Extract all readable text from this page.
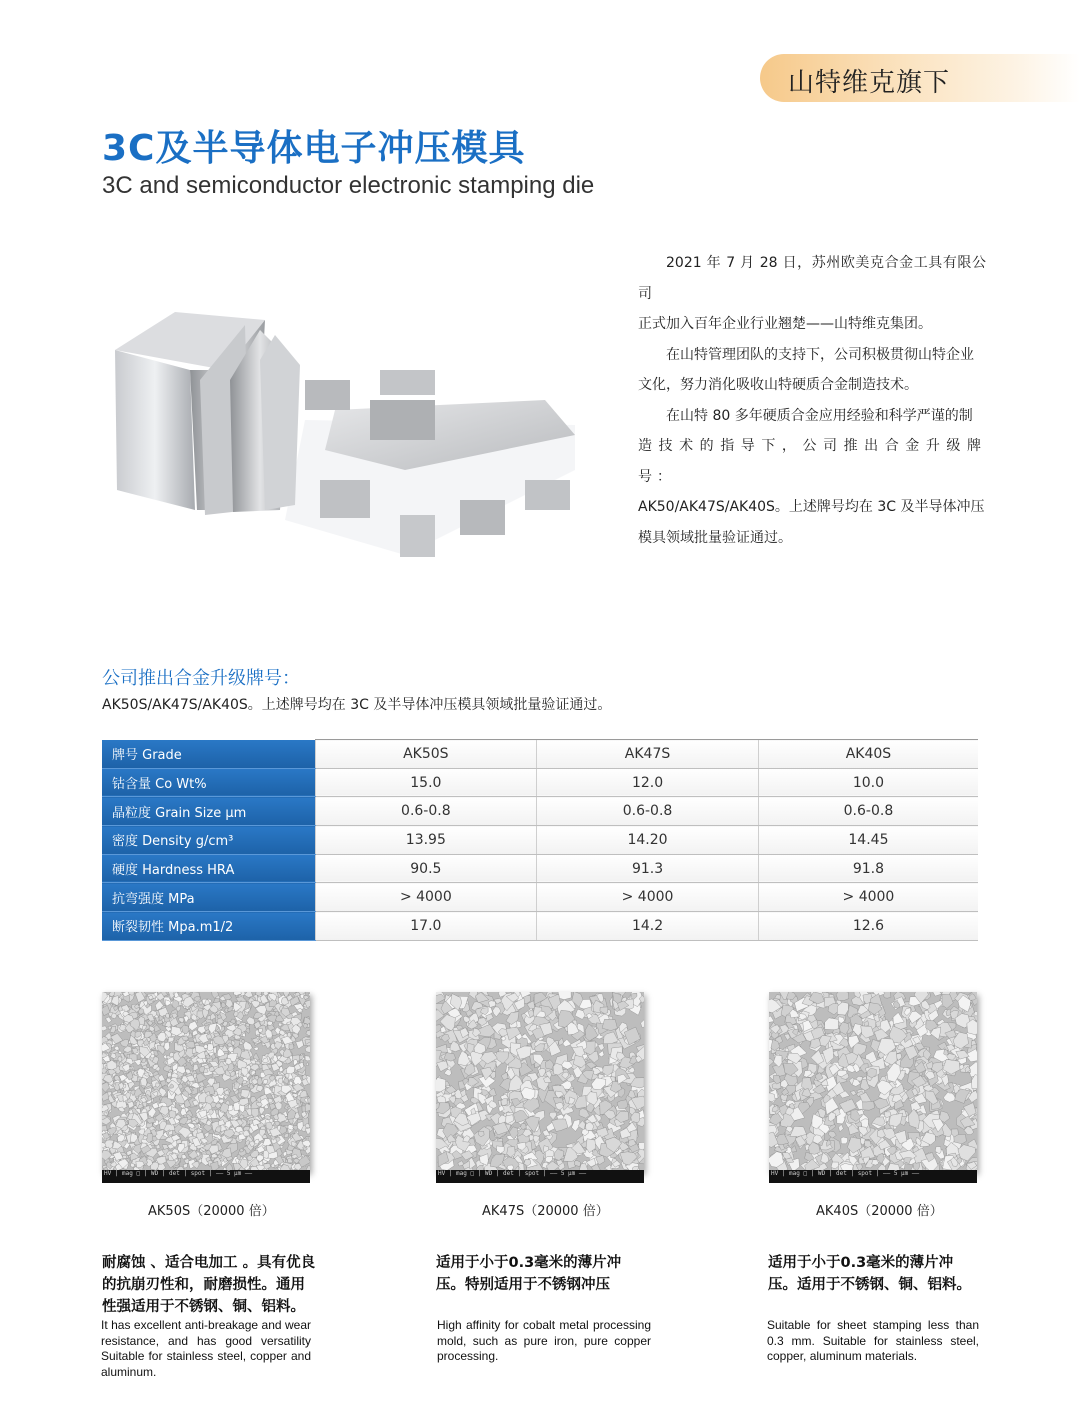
山特维克旗下
3C及半导体电子冲压模具
3C and semiconductor electronic stamping die

2021 年 7 月 28 日，苏州欧美克合金工具有限公司

正式加入百年企业行业翘楚——山特维克集团。

在山特管理团队的支持下，公司积极贯彻山特企业

文化，努力消化吸收山特硬质合金制造技术。

在山特 80 多年硬质合金应用经验和科学严谨的制

造技术的指导下，公司推出合金升级牌号：

AK50/AK47S/AK40S。上述牌号均在 3C 及半导体冲压

模具领域批量验证通过。

公司推出合金升级牌号：
AK50S/AK47S/AK40S。上述牌号均在 3C 及半导体冲压模具领域批量验证通过。
牌号 Grade	AK50S	AK47S	AK40S
钴含量 Co Wt%	15.0	12.0	10.0
晶粒度 Grain Size µm	0.6-0.8	0.6-0.8	0.6-0.8
密度 Density g/cm³	13.95	14.20	14.45
硬度 Hardness HRA	90.5	91.3	91.8
抗弯强度 MPa	> 4000	> 4000	> 4000
断裂韧性 Mpa.m1/2	17.0	14.2	12.6
HV | mag □ | WD | det | spot | —— 5 μm ——	HV | mag □ | WD | det | spot | —— 5 μm ——	HV | mag □ | WD | det | spot | —— 5 μm ——
AK50S（20000 倍）	AK47S（20000 倍）	AK40S（20000 倍）
耐腐蚀 、适合电加工 。具有优良的抗崩刃性和，耐磨损性。通用性强适用于不锈钢、铜、铝料。
适用于小于0.3毫米的薄片冲压。特别适用于不锈钢冲压
适用于小于0.3毫米的薄片冲压。适用于不锈钢、铜、铝料。
It has excellent anti-breakage and wear resistance, and has good versatility Suitable for stainless steel, copper and aluminum.
High affinity for cobalt metal processing mold, such as pure iron, pure copper processing.
Suitable for sheet stamping less than 0.3 mm. Suitable for stainless steel, copper, aluminum materials.
